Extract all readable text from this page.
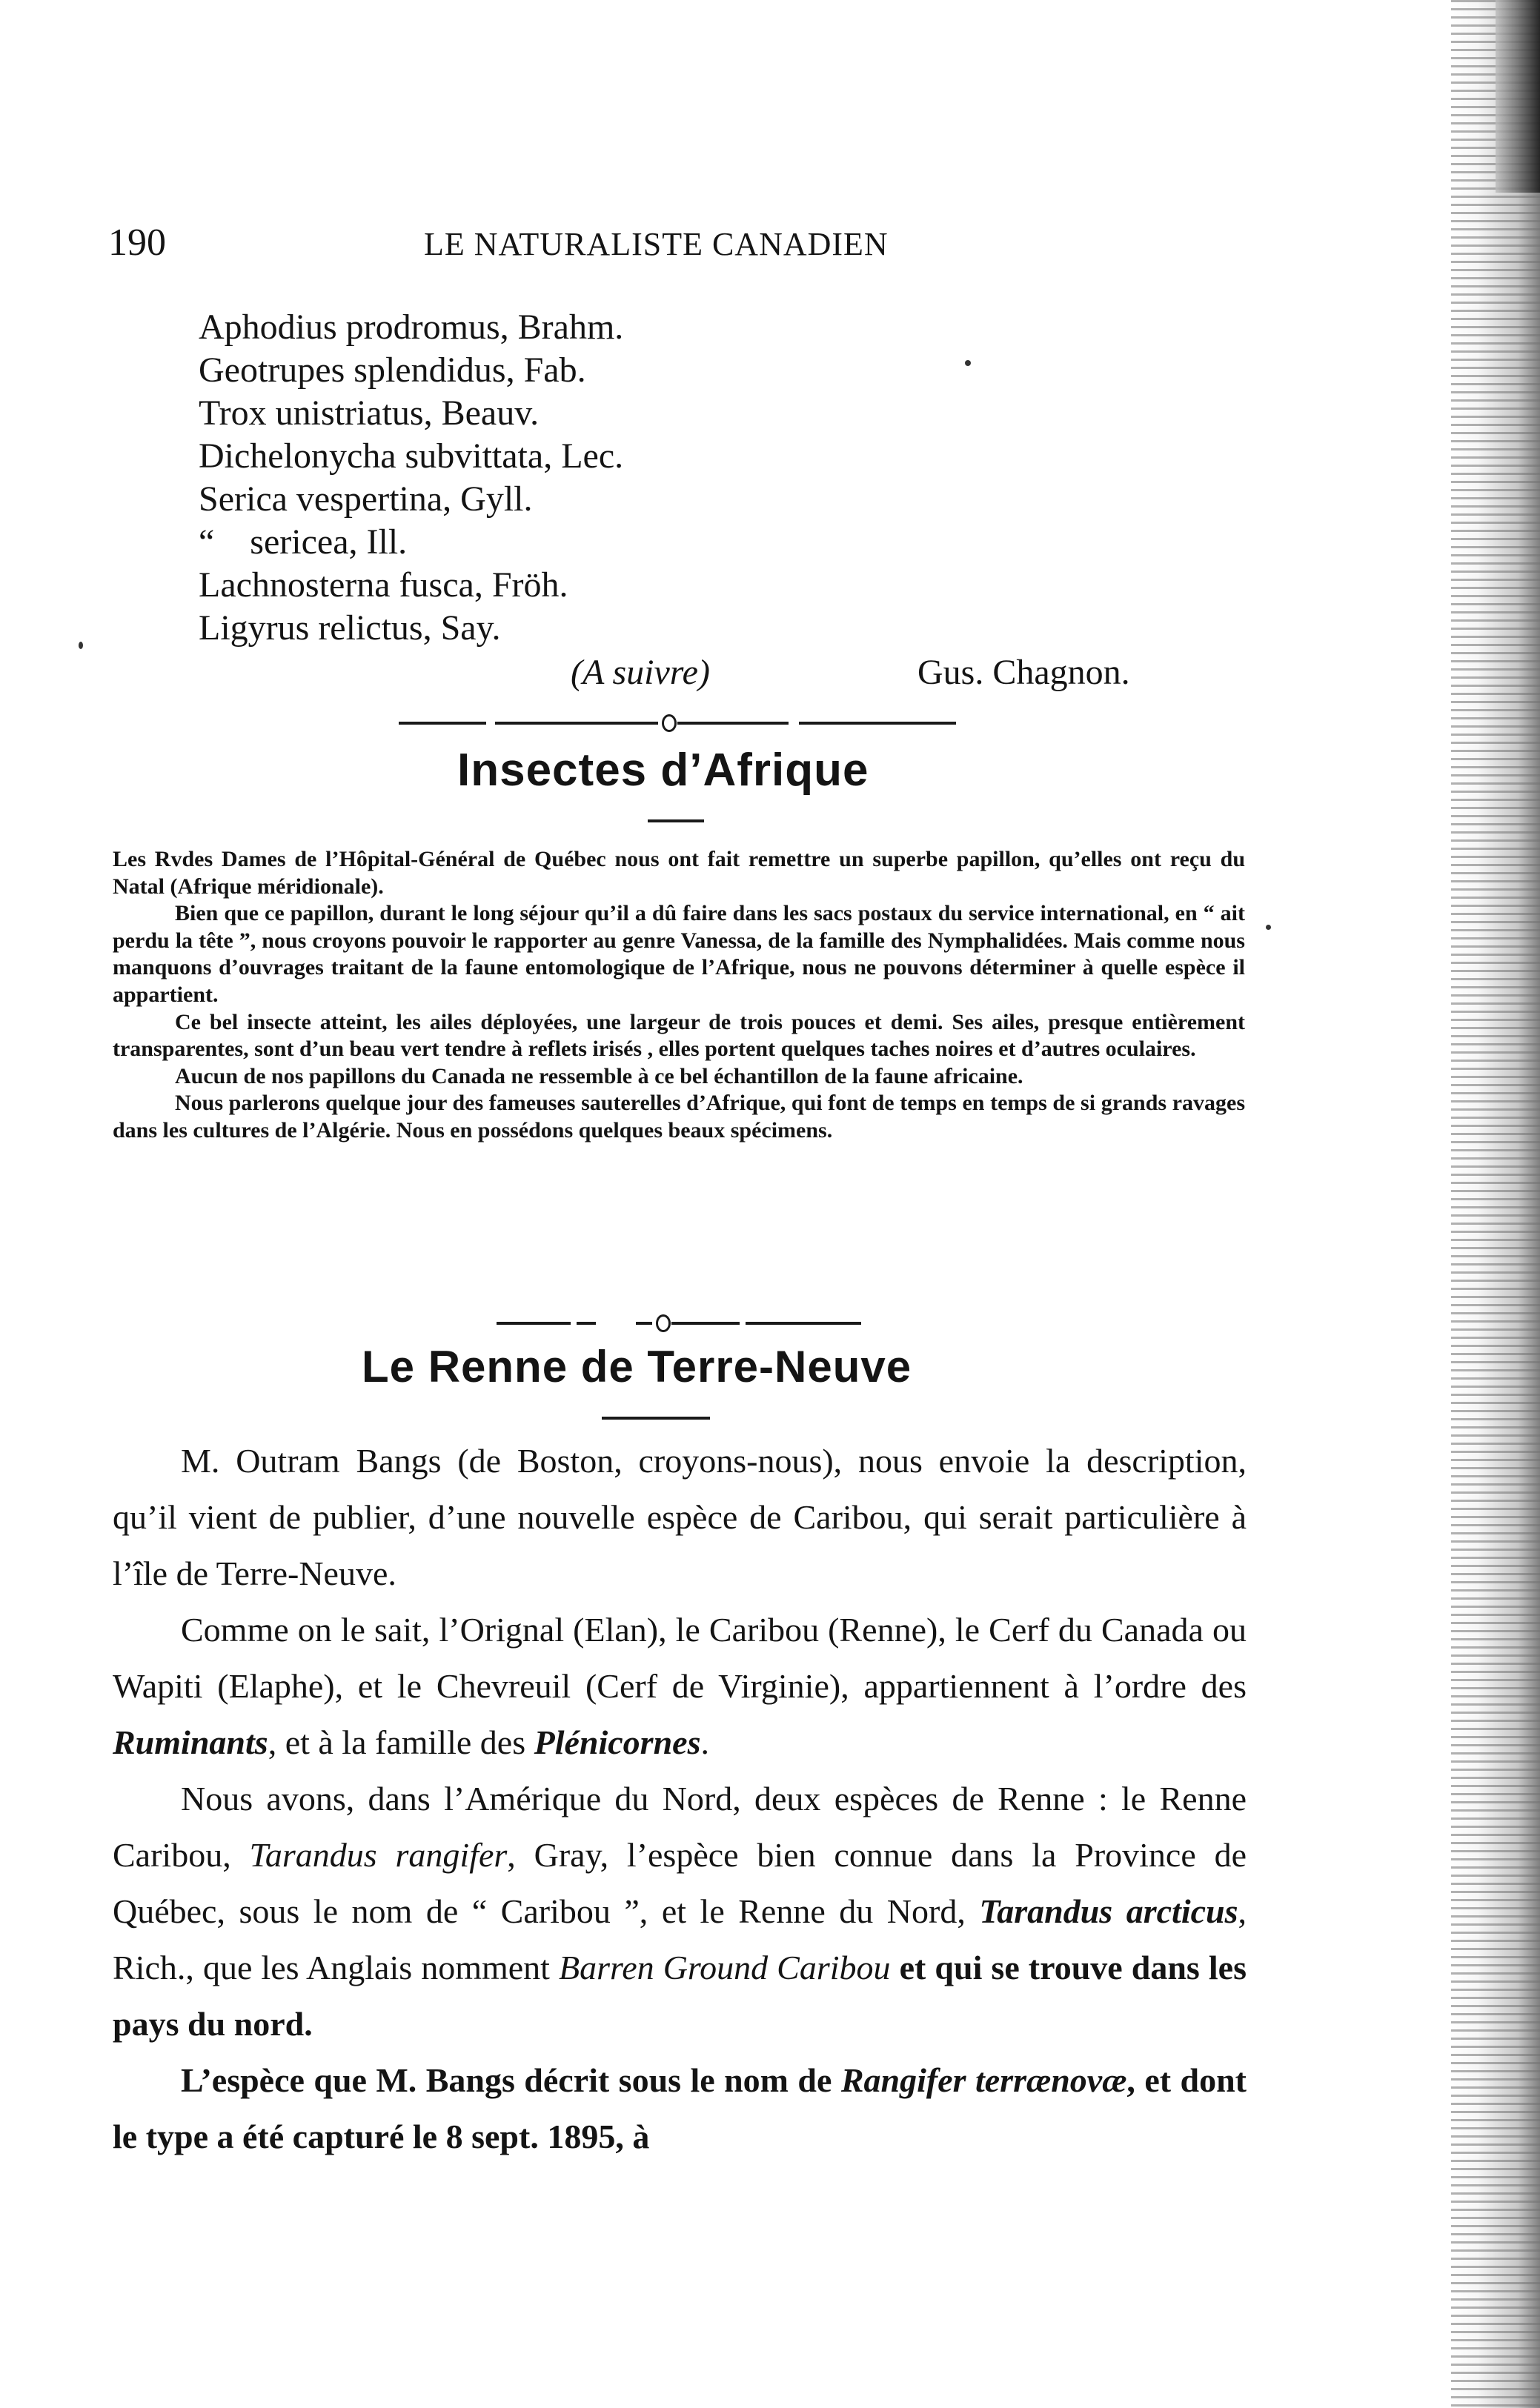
190	LE NATURALISTE CANADIEN
Aphodius prodromus, Brahm.
Geotrupes splendidus, Fab.
Trox unistriatus, Beauv.
Dichelonycha subvittata, Lec.
Serica vespertina, Gyll.
“    sericea, Ill.
Lachnosterna fusca, Fröh.
Ligyrus relictus, Say.
(A suivre)	Gus. Chagnon.
Insectes d’Afrique

Les Rvdes Dames de l’Hôpital-Général de Québec nous ont fait remettre un superbe papillon, qu’elles ont reçu du Natal (Afrique méridionale).

Bien que ce papillon, durant le long séjour qu’il a dû faire dans les sacs postaux du service international, en “ ait perdu la tête ”, nous croyons pouvoir le rapporter au genre Vanessa, de la famille des Nymphalidées. Mais comme nous manquons d’ouvrages traitant de la faune entomologique de l’Afrique, nous ne pouvons déterminer à quelle espèce il appartient.

Ce bel insecte atteint, les ailes déployées, une largeur de trois pouces et demi. Ses ailes, presque entièrement transparentes, sont d’un beau vert tendre à reflets irisés , elles portent quelques taches noires et d’autres oculaires.

Aucun de nos papillons du Canada ne ressemble à ce bel échantillon de la faune africaine.

Nous parlerons quelque jour des fameuses sauterelles d’Afrique, qui font de temps en temps de si grands ravages dans les cultures de l’Algérie. Nous en possédons quelques beaux spécimens.

Le Renne de Terre-Neuve

M. Outram Bangs (de Boston, croyons-nous), nous envoie la description, qu’il vient de publier, d’une nouvelle espèce de Caribou, qui serait particulière à l’île de Terre-Neuve.

Comme on le sait, l’Orignal (Elan), le Caribou (Renne), le Cerf du Canada ou Wapiti (Elaphe), et le Chevreuil (Cerf de Virginie), appartiennent à l’ordre des Ruminants, et à la famille des Plénicornes.

Nous avons, dans l’Amérique du Nord, deux espèces de Renne : le Renne Caribou, Tarandus rangifer, Gray, l’espèce bien connue dans la Province de Québec, sous le nom de “ Caribou ”, et le Renne du Nord, Tarandus arcticus, Rich., que les Anglais nomment Barren Ground Caribou et qui se trouve dans les pays du nord.

L’espèce que M. Bangs décrit sous le nom de Rangifer terrænovæ, et dont le type a été capturé le 8 sept. 1895, à
